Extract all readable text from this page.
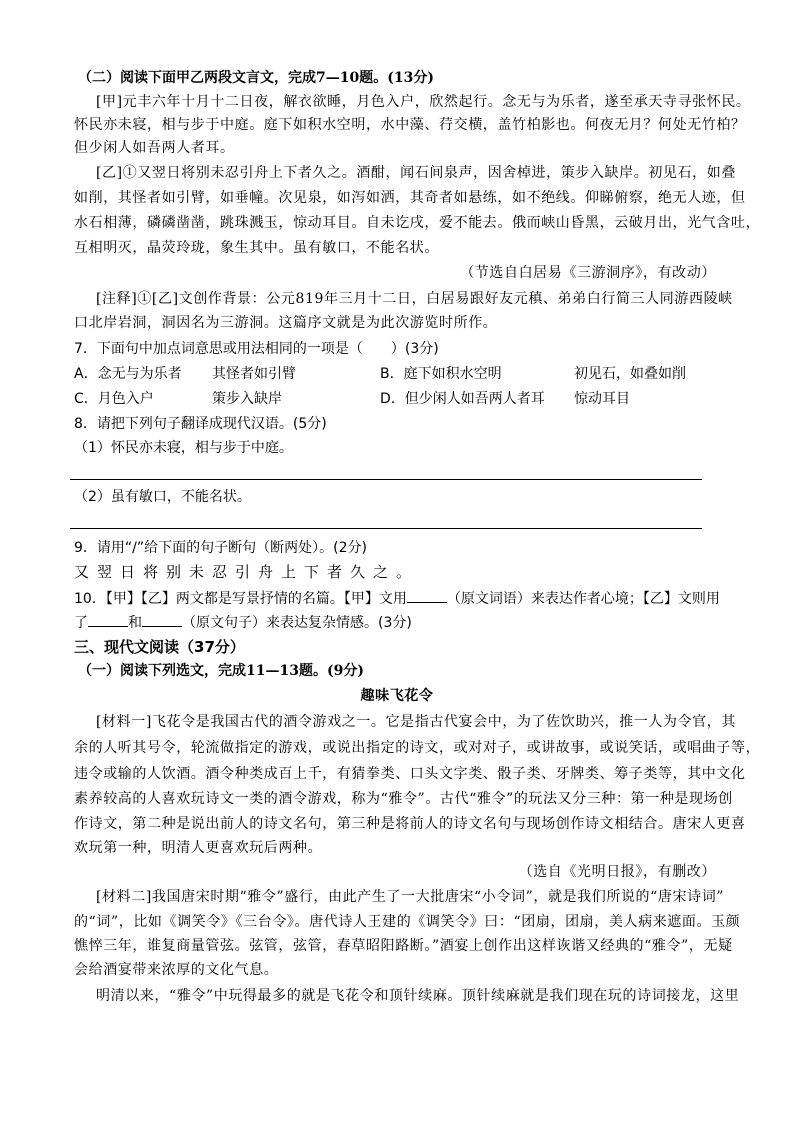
（二）阅读下面甲乙两段文言文，完成7—10题。(13分)
[甲]元丰六年十月十二日夜，解衣欲睡，月色入户，欣然起行。念无与为乐者，遂至承天寺寻张怀民。
怀民亦未寝，相与步于中庭。庭下如积水空明，水中藻、荇交横，盖竹柏影也。何夜无月？何处无竹柏？
但少闲人如吾两人者耳。
[乙]①又翌日将别未忍引舟上下者久之。酒酣，闻石间泉声，因舍棹进，策步入缺岸。初见石，如叠
如削，其怪者如引臂，如垂幢。次见泉，如泻如洒，其奇者如悬练，如不绝线。仰睇俯察，绝无人迹，但
水石相薄，磷磷凿凿，跳珠溅玉，惊动耳目。自未讫戌，爱不能去。俄而峡山昏黑，云破月出，光气含吐，
互相明灭，晶荧玲珑，象生其中。虽有敏口，不能名状。
（节选自白居易《三游洞序》，有改动）
[注释]①[乙]文创作背景：公元819年三月十二日，白居易跟好友元稹、弟弟白行简三人同游西陵峡
口北岸岩洞，洞因名为三游洞。这篇序文就是为此次游览时所作。
7．下面句中加点词意思或用法相同的一项是（　　）(3分)
A．念无与为乐者 其怪者如引臂	B．庭下如积水空明	初见石，如叠如削
C．月色入户	策步入缺岸	D．但少闲人如吾两人者耳 惊动耳目
8．请把下列句子翻译成现代汉语。(5分)
（1）怀民亦未寝，相与步于中庭。
（2）虽有敏口，不能名状。
9．请用“/”给下面的句子断句（断两处）。(2分)
又翌日将别未忍引舟上下者久之。
10．【甲】【乙】两文都是写景抒情的名篇。【甲】文用	（原文词语）来表达作者心境；【乙】文则用
了	和	（原文句子）来表达复杂情感。(3分)
三、现代文阅读（37分）
（一）阅读下列选文，完成11—13题。(9分)
趣味飞花令
[材料一]飞花令是我国古代的酒令游戏之一。它是指古代宴会中，为了佐饮助兴，推一人为令官，其
余的人听其号令，轮流做指定的游戏，或说出指定的诗文，或对对子，或讲故事，或说笑话，或唱曲子等，
违令或输的人饮酒。酒令种类成百上千，有猜拳类、口头文字类、骰子类、牙牌类、筹子类等，其中文化
素养较高的人喜欢玩诗文一类的酒令游戏，称为“雅令”。古代“雅令”的玩法又分三种：第一种是现场创
作诗文，第二种是说出前人的诗文名句，第三种是将前人的诗文名句与现场创作诗文相结合。唐宋人更喜
欢玩第一种，明清人更喜欢玩后两种。
（选自《光明日报》，有删改）
[材料二]我国唐宋时期“雅令”盛行，由此产生了一大批唐宋“小令词”，就是我们所说的“唐宋诗词”
的“词”，比如《调笑令》《三台令》。唐代诗人王建的《调笑令》曰：“团扇，团扇，美人病来遮面。玉颜
憔悴三年，谁复商量管弦。弦管，弦管，春草昭阳路断。”酒宴上创作出这样诙谐又经典的“雅令”，无疑
会给酒宴带来浓厚的文化气息。
明清以来，“雅令”中玩得最多的就是飞花令和顶针续麻。顶针续麻就是我们现在玩的诗词接龙，这里
